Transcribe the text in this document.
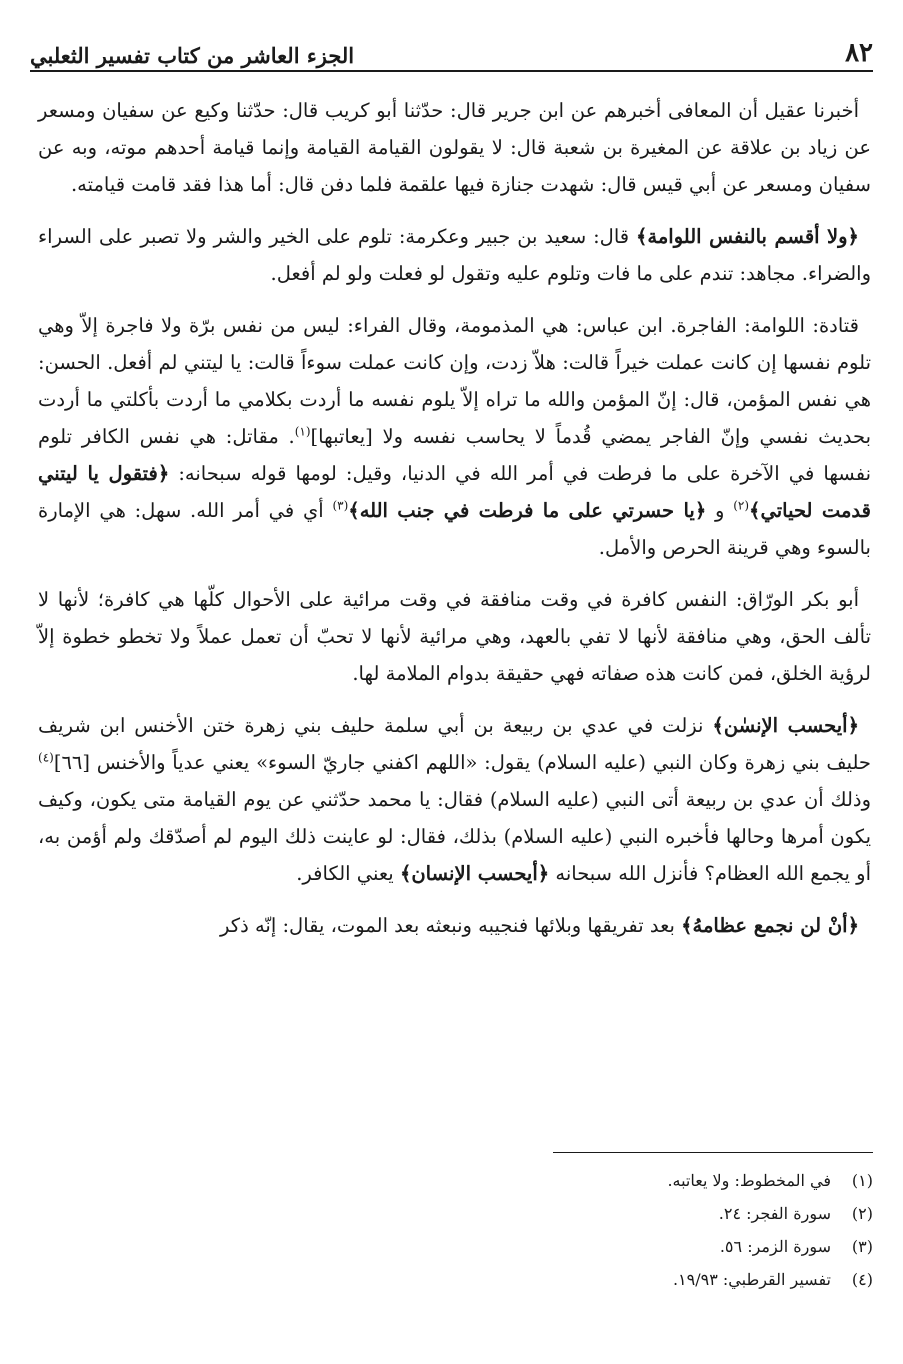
٨٢
الجزء العاشر من كتاب تفسير الثعلبي

أخبرنا عقيل أن المعافى أخبرهم عن ابن جرير قال: حدّثنا أبو كريب قال: حدّثنا وكيع عن سفيان ومسعر عن زياد بن علاقة عن المغيرة بن شعبة قال: لا يقولون القيامة القيامة وإنما قيامة أحدهم موته، وبه عن سفيان ومسعر عن أبي قيس قال: شهدت جنازة فيها علقمة فلما دفن قال: أما هذا فقد قامت قيامته.

﴿ولا أقسم بالنفس اللوامة﴾ قال: سعيد بن جبير وعكرمة: تلوم على الخير والشر ولا تصبر على السراء والضراء. مجاهد: تندم على ما فات وتلوم عليه وتقول لو فعلت ولو لم أفعل.

قتادة: اللوامة: الفاجرة. ابن عباس: هي المذمومة، وقال الفراء: ليس من نفس برّة ولا فاجرة إلاّ وهي تلوم نفسها إن كانت عملت خيراً قالت: هلاّ زدت، وإن كانت عملت سوءاً قالت: يا ليتني لم أفعل. الحسن: هي نفس المؤمن، قال: إنّ المؤمن والله ما تراه إلاّ يلوم نفسه ما أردت بكلامي ما أردت بأكلتي ما أردت بحديث نفسي وإنّ الفاجر يمضي قُدماً لا يحاسب نفسه ولا [يعاتبها]$^{(١)}$. مقاتل: هي نفس الكافر تلوم نفسها في الآخرة على ما فرطت في أمر الله في الدنيا، وقيل: لومها قوله سبحانه: ﴿فتقول يا ليتني قدمت لحياتي﴾$^{(٢)}$ و ﴿يا حسرتي على ما فرطت في جنب الله﴾$^{(٣)}$ أي في أمر الله. سهل: هي الإمارة بالسوء وهي قرينة الحرص والأمل.

أبو بكر الورّاق: النفس كافرة في وقت منافقة في وقت مرائية على الأحوال كلّها هي كافرة؛ لأنها لا تألف الحق، وهي منافقة لأنها لا تفي بالعهد، وهي مرائية لأنها لا تحبّ أن تعمل عملاً ولا تخطو خطوة إلاّ لرؤية الخلق، فمن كانت هذه صفاته فهي حقيقة بدوام الملامة لها.

﴿أيحسب الإنسٰن﴾ نزلت في عدي بن ربيعة بن أبي سلمة حليف بني زهرة ختن الأخنس ابن شريف حليف بني زهرة وكان النبي (عليه السلام) يقول: «اللهم اكفني جاريّ السوء» يعني عدياً والأخنس [٦٦]$^{(٤)}$ وذلك أن عدي بن ربيعة أتى النبي (عليه السلام) فقال: يا محمد حدّثني عن يوم القيامة متى يكون، وكيف يكون أمرها وحالها فأخبره النبي (عليه السلام) بذلك، فقال: لو عاينت ذلك اليوم لم أصدّقك ولم أؤمن به، أو يجمع الله العظام؟ فأنزل الله سبحانه ﴿أيحسب الإنسان﴾ يعني الكافر.

﴿أنْ لن نجمع عظامهُ﴾ بعد تفريقها وبلائها فنجيبه ونبعثه بعد الموت، يقال: إنّه ذكر

(١)
في المخطوط: ولا يعاتبه.
(٢)
سورة الفجر: ٢٤.
(٣)
سورة الزمر: ٥٦.
(٤)
تفسير القرطبي: ١٩/٩٣.
